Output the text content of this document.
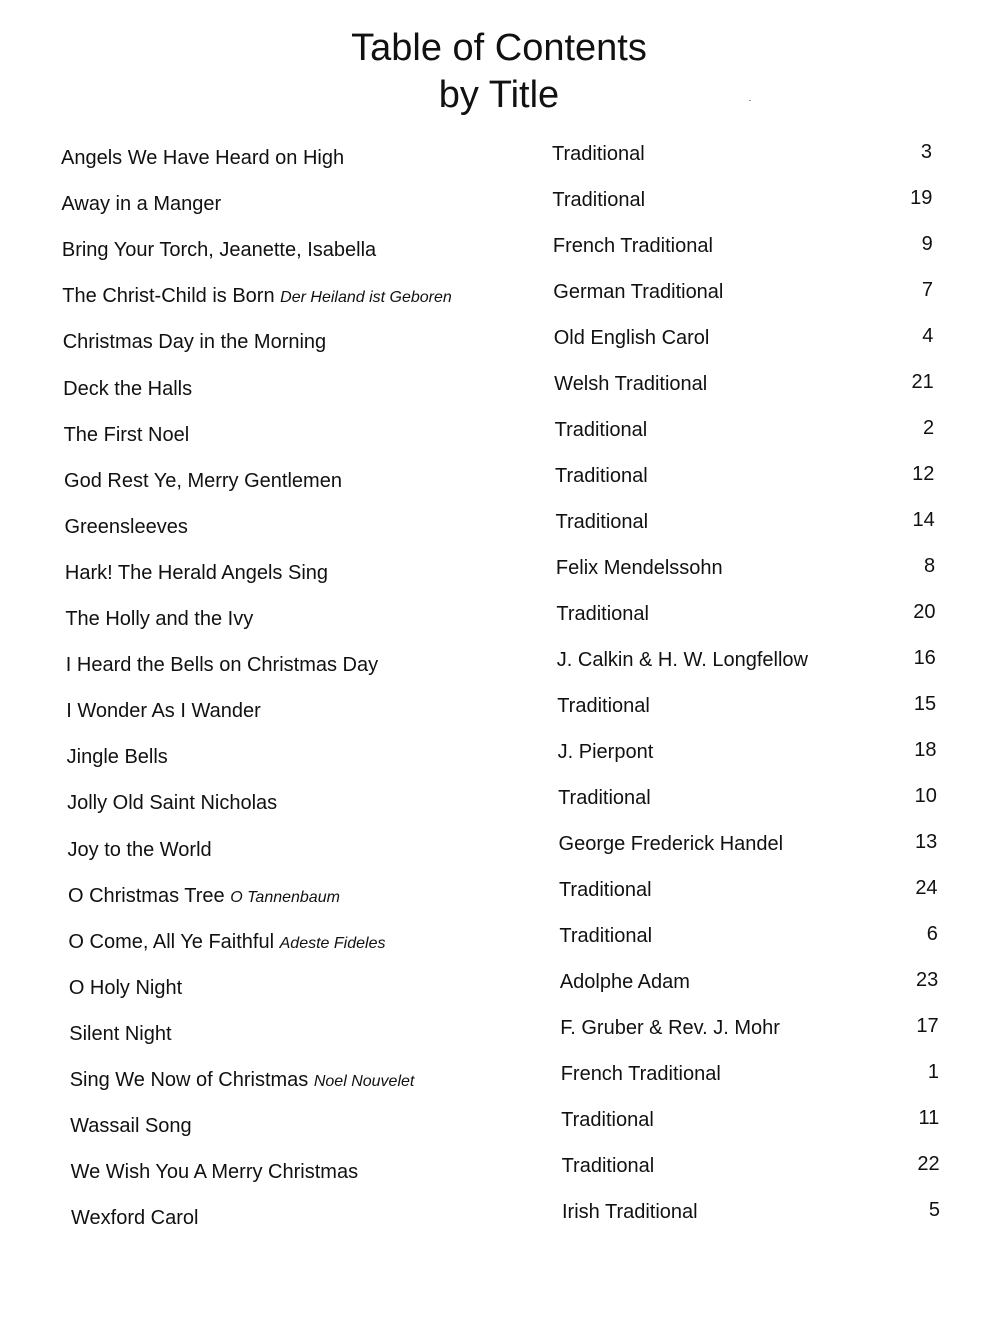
Table of Contents
by Title
Angels We Have Heard on High	Traditional	3
Away in a Manger	Traditional	19
Bring Your Torch, Jeanette, Isabella	French Traditional	9
The Christ-Child is Born Der Heiland ist Geboren	German Traditional	7
Christmas Day in the Morning	Old English Carol	4
Deck the Halls	Welsh Traditional	21
The First Noel	Traditional	2
God Rest Ye, Merry Gentlemen	Traditional	12
Greensleeves	Traditional	14
Hark! The Herald Angels Sing	Felix Mendelssohn	8
The Holly and the Ivy	Traditional	20
I Heard the Bells on Christmas Day	J. Calkin & H. W. Longfellow	16
I Wonder As I Wander	Traditional	15
Jingle Bells	J. Pierpont	18
Jolly Old Saint Nicholas	Traditional	10
Joy to the World	George Frederick Handel	13
O Christmas Tree O Tannenbaum	Traditional	24
O Come, All Ye Faithful Adeste Fideles	Traditional	6
O Holy Night	Adolphe Adam	23
Silent Night	F. Gruber & Rev. J. Mohr	17
Sing We Now of Christmas Noel Nouvelet	French Traditional	1
Wassail Song	Traditional	11
We Wish You A Merry Christmas	Traditional	22
Wexford Carol	Irish Traditional	5
